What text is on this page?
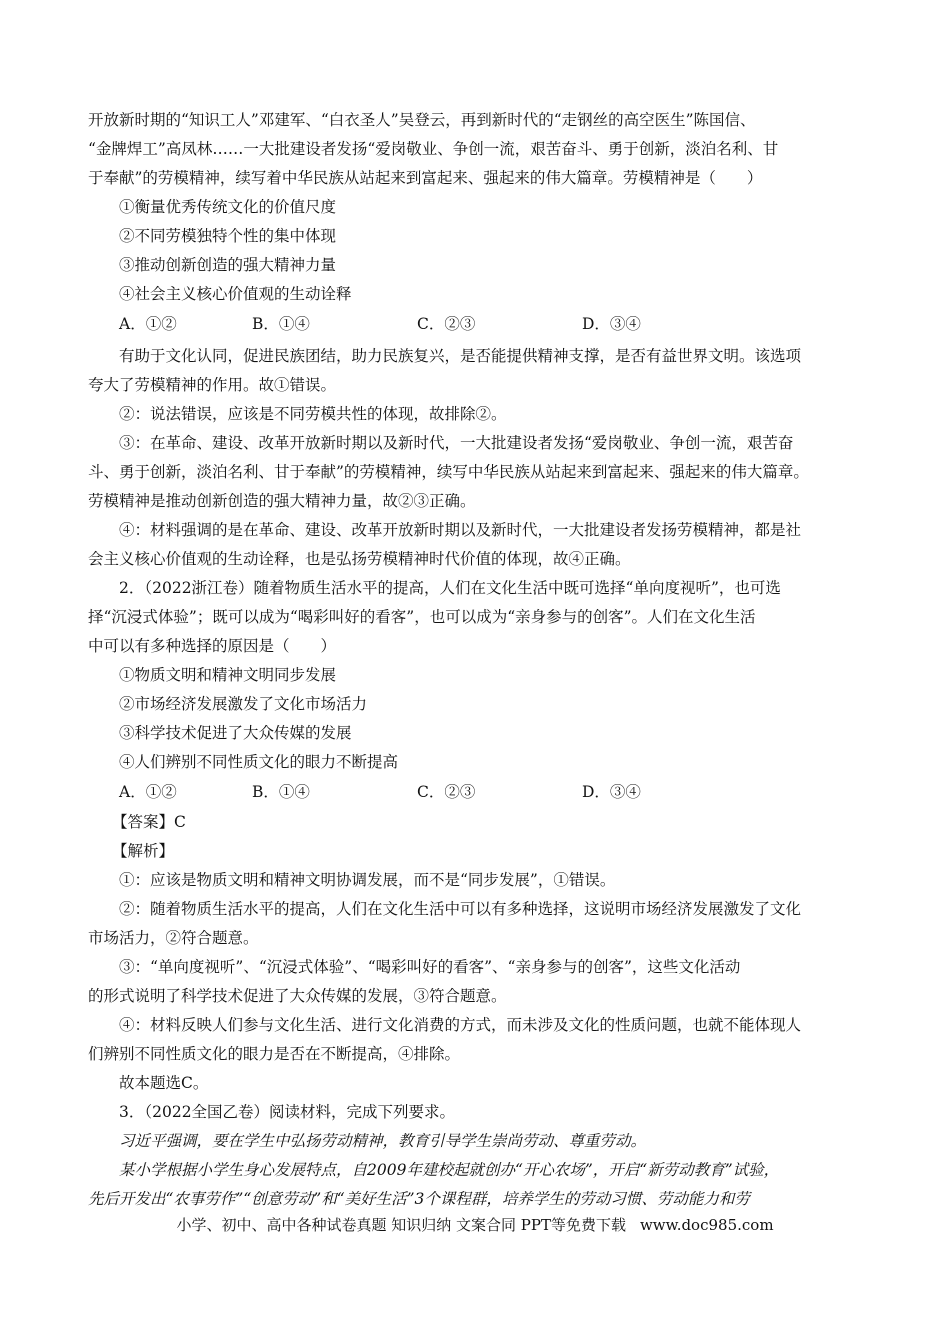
开放新时期的“知识工人”邓建军、“白衣圣人”吴登云，再到新时代的“走钢丝的高空医生”陈国信、
“金牌焊工”高凤林……一大批建设者发扬“爱岗敬业、争创一流，艰苦奋斗、勇于创新，淡泊名利、甘
于奉献”的劳模精神，续写着中华民族从站起来到富起来、强起来的伟大篇章。劳模精神是（　　）
①衡量优秀传统文化的价值尺度
②不同劳模独特个性的集中体现
③推动创新创造的强大精神力量
④社会主义核心价值观的生动诠释
A．①②	B．①④	C．②③	D．③④
有助于文化认同，促进民族团结，助力民族复兴，是否能提供精神支撑，是否有益世界文明。该选项
夸大了劳模精神的作用。故①错误。
②：说法错误，应该是不同劳模共性的体现，故排除②。
③：在革命、建设、改革开放新时期以及新时代，一大批建设者发扬“爱岗敬业、争创一流，艰苦奋
斗、勇于创新，淡泊名利、甘于奉献”的劳模精神，续写中华民族从站起来到富起来、强起来的伟大篇章。
劳模精神是推动创新创造的强大精神力量，故②③正确。
④：材料强调的是在革命、建设、改革开放新时期以及新时代，一大批建设者发扬劳模精神，都是社
会主义核心价值观的生动诠释，也是弘扬劳模精神时代价值的体现，故④正确。
2．（2022浙江卷）随着物质生活水平的提高，人们在文化生活中既可选择“单向度视听”，也可选
择“沉浸式体验”；既可以成为“喝彩叫好的看客”，也可以成为“亲身参与的创客”。人们在文化生活
中可以有多种选择的原因是（　　）
①物质文明和精神文明同步发展
②市场经济发展激发了文化市场活力
③科学技术促进了大众传媒的发展
④人们辨别不同性质文化的眼力不断提高
A．①②	B．①④	C．②③	D．③④
【答案】C
【解析】
①：应该是物质文明和精神文明协调发展，而不是“同步发展”，①错误。
②：随着物质生活水平的提高，人们在文化生活中可以有多种选择，这说明市场经济发展激发了文化
市场活力，②符合题意。
③：“单向度视听”、“沉浸式体验”、“喝彩叫好的看客”、“亲身参与的创客”，这些文化活动
的形式说明了科学技术促进了大众传媒的发展，③符合题意。
④：材料反映人们参与文化生活、进行文化消费的方式，而未涉及文化的性质问题，也就不能体现人
们辨别不同性质文化的眼力是否在不断提高，④排除。
故本题选C。
3．（2022全国乙卷）阅读材料，完成下列要求。
习近平强调，要在学生中弘扬劳动精神，教育引导学生崇尚劳动、尊重劳动。
某小学根据小学生身心发展特点，自2009年建校起就创办“开心农场”，开启“新劳动教育”试验，
先后开发出“农事劳作”“创意劳动”和“美好生活”3个课程群，培养学生的劳动习惯、劳动能力和劳
小学、初中、高中各种试卷真题 知识归纳 文案合同 PPT等免费下载 www.doc985.com
